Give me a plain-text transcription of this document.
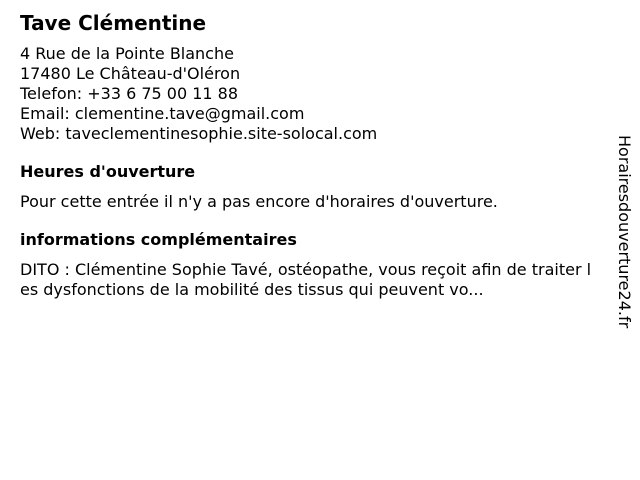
Tave Clémentine
4 Rue de la Pointe Blanche
17480 Le Château-d'Oléron
Telefon: +33 6 75 00 11 88
Email: clementine.tave@gmail.com
Web: taveclementinesophie.site-solocal.com
Heures d'ouverture
Pour cette entrée il n'y a pas encore d'horaires d'ouverture.
informations complémentaires
DITO : Clémentine Sophie Tavé, ostéopathe, vous reçoit afin de traiter les dysfonctions de la mobilité des tissus qui peuvent vo...	Horairesdouverture24.fr
